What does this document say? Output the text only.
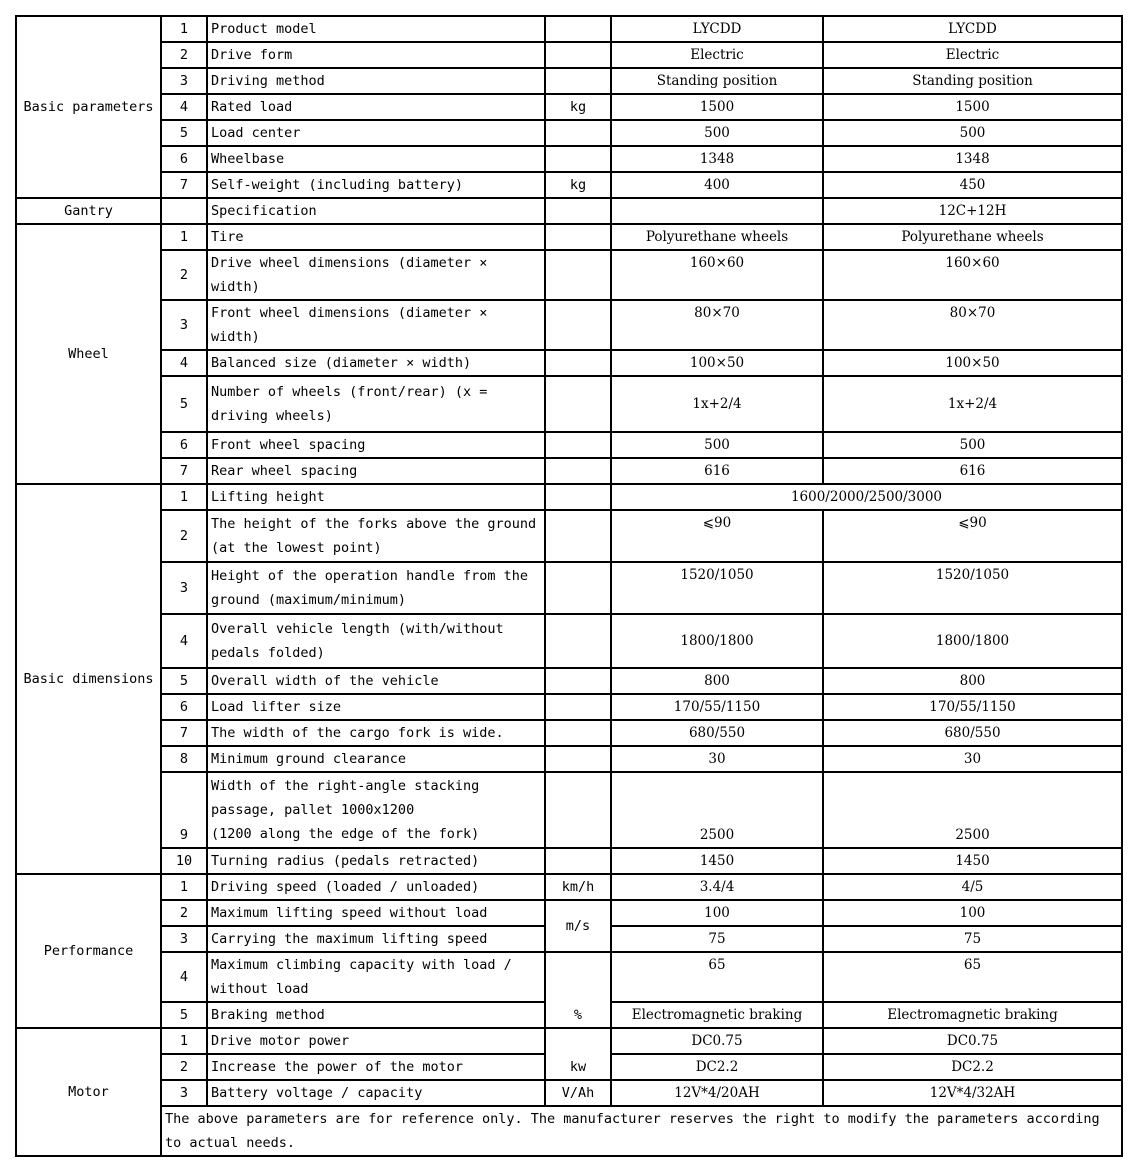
Basic parameters	1	Product model		LYCDD	LYCDD
	2	Drive form		Electric	Electric
	3	Driving method		Standing position	Standing position
	4	Rated load	kg	1500	1500
	5	Load center		500	500
	6	Wheelbase		1348	1348
	7	Self-weight (including battery)	kg	400	450
Gantry		Specification			12C+12H
Wheel	1	Tire		Polyurethane wheels	Polyurethane wheels
	2	Drive wheel dimensions (diameter × width)		160×60	160×60
	3	Front wheel dimensions (diameter × width)		80×70	80×70
	4	Balanced size (diameter × width)		100×50	100×50
	5	Number of wheels (front/rear) (x = driving wheels)		1x+2/4	1x+2/4
	6	Front wheel spacing		500	500
	7	Rear wheel spacing		616	616
Basic dimensions	1	Lifting height		1600/2000/2500/3000	
	2	The height of the forks above the ground (at the lowest point)		⩽90	⩽90
	3	Height of the operation handle from the ground (maximum/minimum)		1520/1050	1520/1050
	4	Overall vehicle length (with/without pedals folded)		1800/1800	1800/1800
	5	Overall width of the vehicle		800	800
	6	Load lifter size		170/55/1150	170/55/1150
	7	The width of the cargo fork is wide.		680/550	680/550
	8	Minimum ground clearance		30	30
	9	Width of the right-angle stacking
passage, pallet 1000x1200
(1200 along the edge of the fork)		2500	2500
	10	Turning radius (pedals retracted)		1450	1450
Performance	1	Driving speed (loaded / unloaded)	km/h	3.4/4	4/5
	2	Maximum lifting speed without load	m/s	100	100
	3	Carrying the maximum lifting speed		75	75
	4	Maximum climbing capacity with load / without load	%	65	65
	5	Braking method		Electromagnetic braking	Electromagnetic braking
Motor	1	Drive motor power	kw	DC0.75	DC0.75
	2	Increase the power of the motor		DC2.2	DC2.2
	3	Battery voltage / capacity	V/Ah	12V*4/20AH	12V*4/32AH
	The above parameters are for reference only. The manufacturer reserves the right to modify the parameters according to actual needs.				
